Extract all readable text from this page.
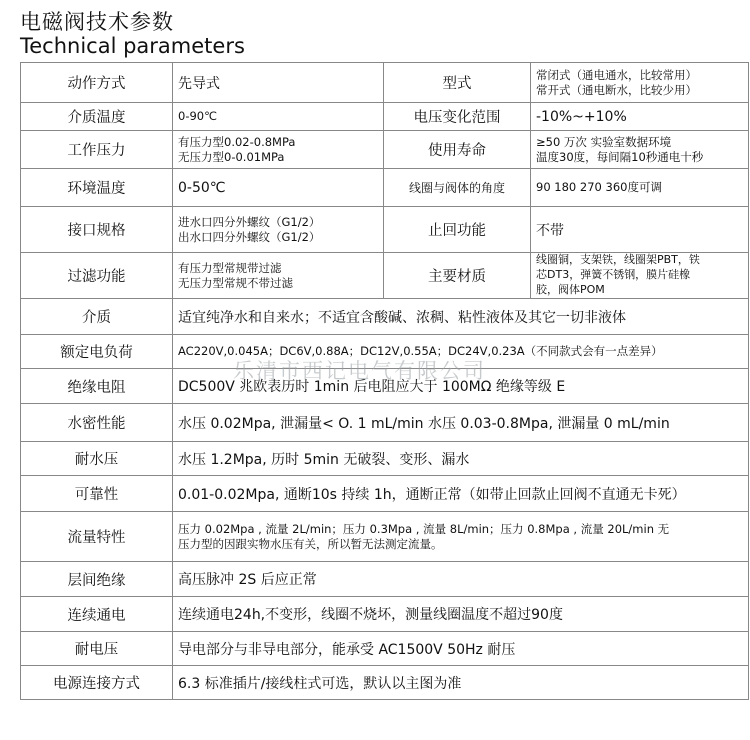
电磁阀技术参数
Technical parameters
动作方式	先导式	型式	常闭式（通电通水，比较常用）
常开式（通电断水，比较少用）

介质温度	0-90℃	电压变化范围	-10%~+10%

工作压力	有压力型0.02-0.8MPa
无压力型0-0.01MPa	使用寿命	≥50 万次 实验室数据环境
温度30度，每间隔10秒通电十秒

环境温度	0-50℃	线圈与阀体的角度	90 180 270 360度可调

接口规格	进水口四分外螺纹（G1/2）
出水口四分外螺纹（G1/2）	止回功能	不带

过滤功能	有压力型常规带过滤
无压力型常规不带过滤	主要材质	线圈铜，支架铁，线圈架PBT，铁
芯DT3，弹簧不锈钢，膜片硅橡
胶，阀体POM

介质	适宜纯净水和自来水；不适宜含酸碱、浓稠、粘性液体及其它一切非液体		

额定电负荷	AC220V,0.045A；DC6V,0.88A；DC12V,0.55A；DC24V,0.23A（不同款式会有一点差异）		

绝缘电阻	DC500V 兆欧表历时 1min 后电阻应大于 100MΩ 绝缘等级 E		

水密性能	水压 0.02Mpa, 泄漏量< O. 1 mL/min 水压 0.03-0.8Mpa, 泄漏量 0 mL/min		

耐水压	水压 1.2Mpa, 历时 5min 无破裂、变形、漏水		

可靠性	0.01-0.02Mpa, 通断10s 持续 1h，通断正常（如带止回款止回阀不直通无卡死）		

流量特性	压力 0.02Mpa , 流量 2L/min；压力 0.3Mpa , 流量 8L/min；压力 0.8Mpa , 流量 20L/min 无
压力型的因跟实物水压有关，所以暂无法测定流量。		

层间绝缘	高压脉冲 2S 后应正常		

连续通电	连续通电24h,不变形，线圈不烧坏，测量线圈温度不超过90度		

耐电压	导电部分与非导电部分，能承受 AC1500V 50Hz 耐压		

电源连接方式	6.3 标准插片/接线柱式可选，默认以主图为准		
乐清市西记电气有限公司
